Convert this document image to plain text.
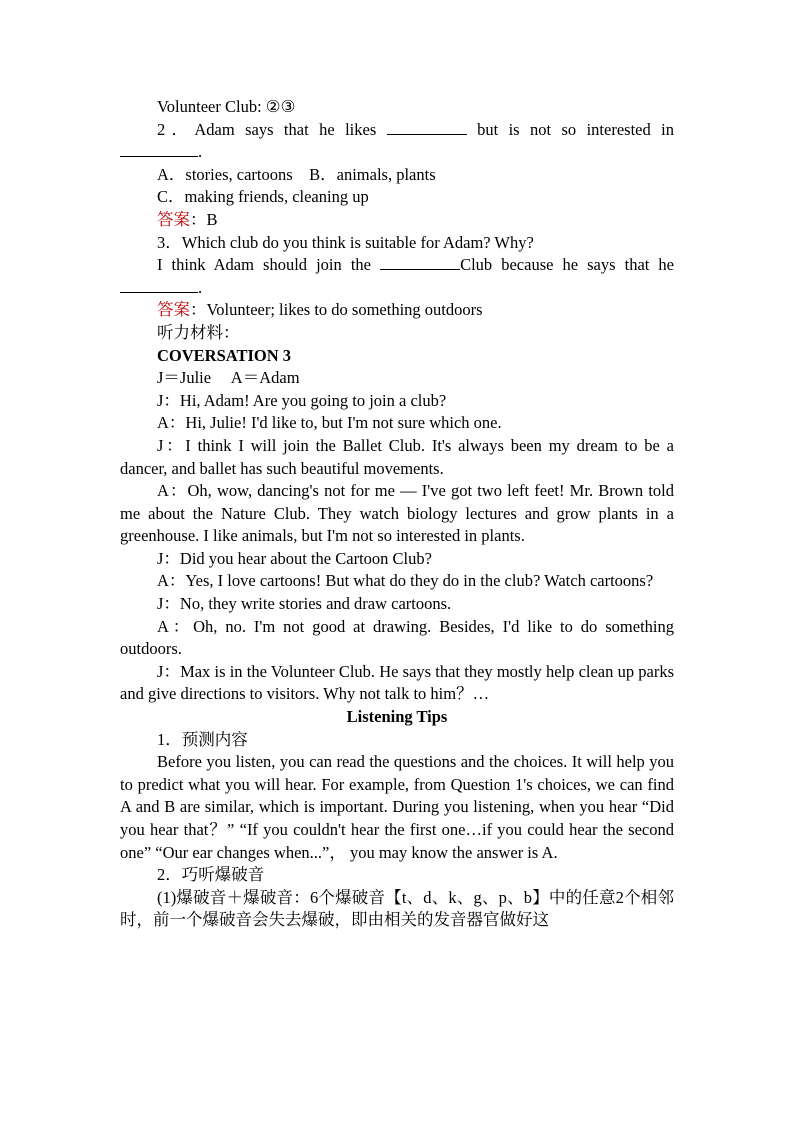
Volunteer Club: ②③

2．Adam says that he likes	but is not so interested in .

A．stories, cartoons　B．animals, plants

C．making friends, cleaning up

答案：B

3．Which club do you think is suitable for Adam? Why?

I think Adam should join the	Club because he says that he .

答案：Volunteer; likes to do something outdoors

听力材料：

COVERSATION 3

J＝Julie　 A＝Adam

J：Hi, Adam! Are you going to join a club?

A：Hi, Julie! I'd like to, but I'm not sure which one.

J：I think I will join the Ballet Club. It's always been my dream to be a dancer, and ballet has such beautiful movements.

A：Oh, wow, dancing's not for me — I've got two left feet! Mr. Brown told me about the Nature Club. They watch biology lectures and grow plants in a greenhouse. I like animals, but I'm not so interested in plants.

J：Did you hear about the Cartoon Club?

A：Yes, I love cartoons! But what do they do in the club? Watch cartoons?

J：No, they write stories and draw cartoons.

A：Oh, no. I'm not good at drawing. Besides, I'd like to do something outdoors.

J：Max is in the Volunteer Club. He says that they mostly help clean up parks and give directions to visitors. Why not talk to him？…

Listening Tips

1．预测内容

Before you listen, you can read the questions and the choices. It will help you to predict what you will hear. For example, from Question 1's choices, we can find A and B are similar, which is important. During you listening, when you hear “Did you hear that？” “If you couldn't hear the first one…if you could hear the second one” “Our ear changes when...”， you may know the answer is A.

2．巧听爆破音

(1)爆破音＋爆破音：6个爆破音【t、d、k、g、p、b】中的任意2个相邻时，前一个爆破音会失去爆破，即由相关的发音器官做好这
